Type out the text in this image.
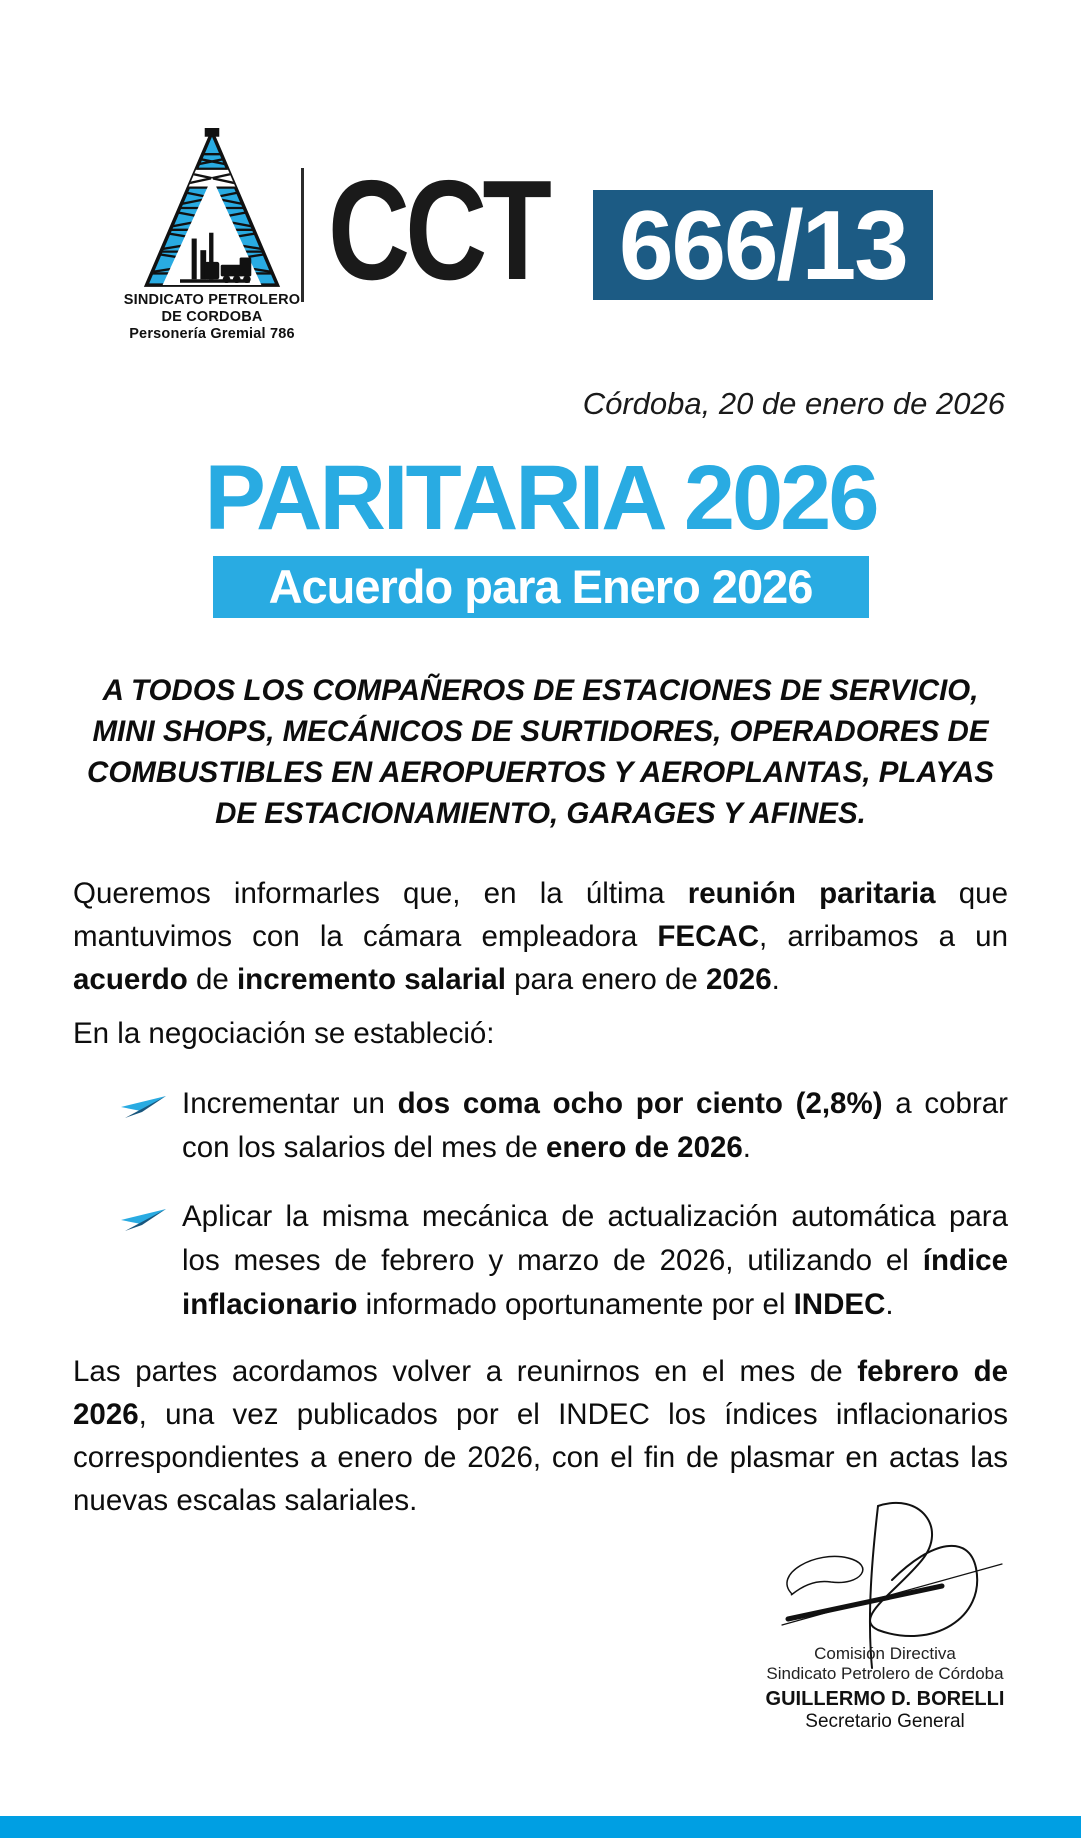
SINDICATO PETROLERO
DE CORDOBA
Personería Gremial 786
CCT 666/13
Córdoba, 20 de enero de 2026
PARITARIA 2026
Acuerdo para Enero 2026

A TODOS LOS COMPAÑEROS DE ESTACIONES DE SERVICIO, MINI SHOPS, MECÁNICOS DE SURTIDORES, OPERADORES DE COMBUSTIBLES EN AEROPUERTOS Y AEROPLANTAS, PLAYAS DE ESTACIONAMIENTO, GARAGES Y AFINES.

Queremos informarles que, en la última reunión paritaria que mantuvimos con la cámara empleadora FECAC, arribamos a un acuerdo de incremento salarial para enero de 2026.

En la negociación se estableció:

Incrementar un dos coma ocho por ciento (2,8%) a cobrar con los salarios del mes de enero de 2026.

Aplicar la misma mecánica de actualización automática para los meses de febrero y marzo de 2026, utilizando el índice inflacionario informado oportunamente por el INDEC.

Las partes acordamos volver a reunirnos en el mes de febrero de 2026, una vez publicados por el INDEC los índices inflacionarios correspondientes a enero de 2026, con el fin de plasmar en actas las nuevas escalas salariales.

Comisión Directiva
Sindicato Petrolero de Córdoba
GUILLERMO D. BORELLI
Secretario General
